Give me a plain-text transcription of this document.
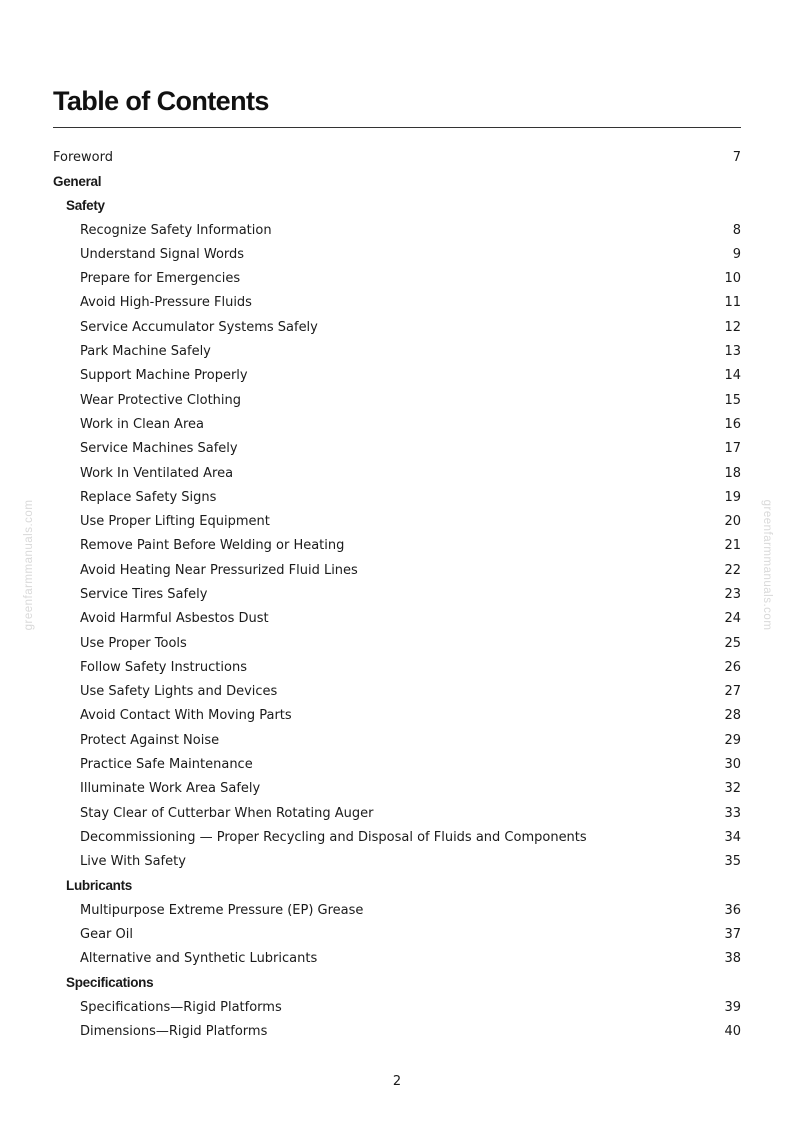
Table of Contents
Foreword	7
General
Safety
Recognize Safety Information	8
Understand Signal Words	9
Prepare for Emergencies	10
Avoid High-Pressure Fluids	11
Service Accumulator Systems Safely	12
Park Machine Safely	13
Support Machine Properly	14
Wear Protective Clothing	15
Work in Clean Area	16
Service Machines Safely	17
Work In Ventilated Area	18
Replace Safety Signs	19
Use Proper Lifting Equipment	20
Remove Paint Before Welding or Heating	21
Avoid Heating Near Pressurized Fluid Lines	22
Service Tires Safely	23
Avoid Harmful Asbestos Dust	24
Use Proper Tools	25
Follow Safety Instructions	26
Use Safety Lights and Devices	27
Avoid Contact With Moving Parts	28
Protect Against Noise	29
Practice Safe Maintenance	30
Illuminate Work Area Safely	32
Stay Clear of Cutterbar When Rotating Auger	33
Decommissioning — Proper Recycling and Disposal of Fluids and Components	34
Live With Safety	35
Lubricants
Multipurpose Extreme Pressure (EP) Grease	36
Gear Oil	37
Alternative and Synthetic Lubricants	38
Specifications
Specifications—Rigid Platforms	39
Dimensions—Rigid Platforms	40
greenfarmmanuals.com	greenfarmmanuals.com
2
